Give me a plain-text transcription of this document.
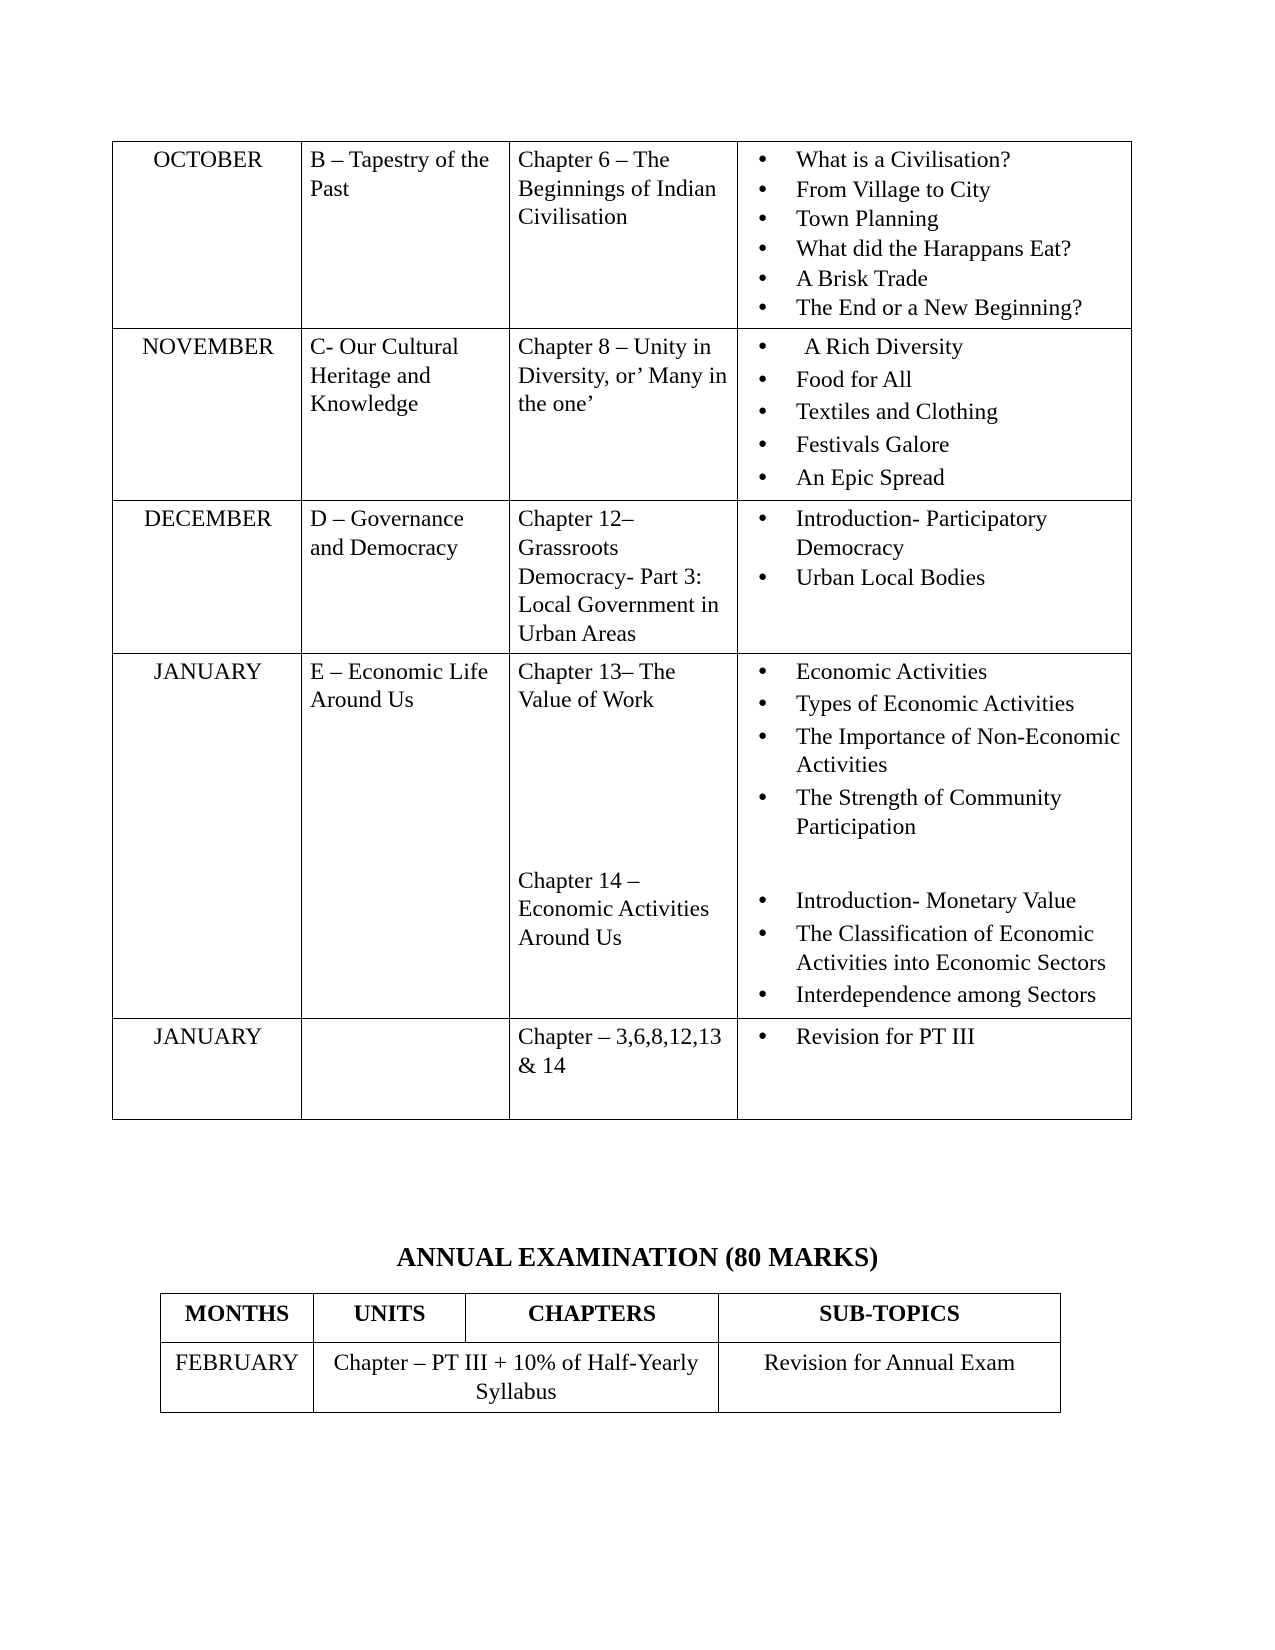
OCTOBER	B – Tapestry of the Past	Chapter 6 – The Beginnings of Indian Civilisation	
● What is a Civilisation?
● From Village to City
● Town Planning
● What did the Harappans Eat?
● A Brisk Trade
● The End or a New Beginning?

NOVEMBER	C- Our Cultural Heritage and Knowledge	Chapter 8 – Unity in Diversity, or’ Many in the one’	
● A Rich Diversity
● Food for All
● Textiles and Clothing
● Festivals Galore
● An Epic Spread

DECEMBER	D – Governance and Democracy	Chapter 12– Grassroots Democracy- Part 3: Local Government in Urban Areas	
● Introduction- Participatory Democracy
● Urban Local Bodies

JANUARY	E – Economic Life Around Us	
Chapter 13– The Value of Work
Chapter 14 – Economic Activities Around Us

● Economic Activities
● Types of Economic Activities
● The Importance of Non-Economic Activities
● The Strength of Community Participation
● Introduction- Monetary Value
● The Classification of Economic Activities into Economic Sectors
● Interdependence among Sectors

JANUARY		Chapter – 3,6,8,12,13 & 14	
● Revision for PT III
ANNUAL EXAMINATION (80 MARKS)
MONTHS	UNITS	CHAPTERS	SUB-TOPICS
FEBRUARY	Chapter – PT III + 10% of Half-Yearly Syllabus		Revision for Annual Exam
